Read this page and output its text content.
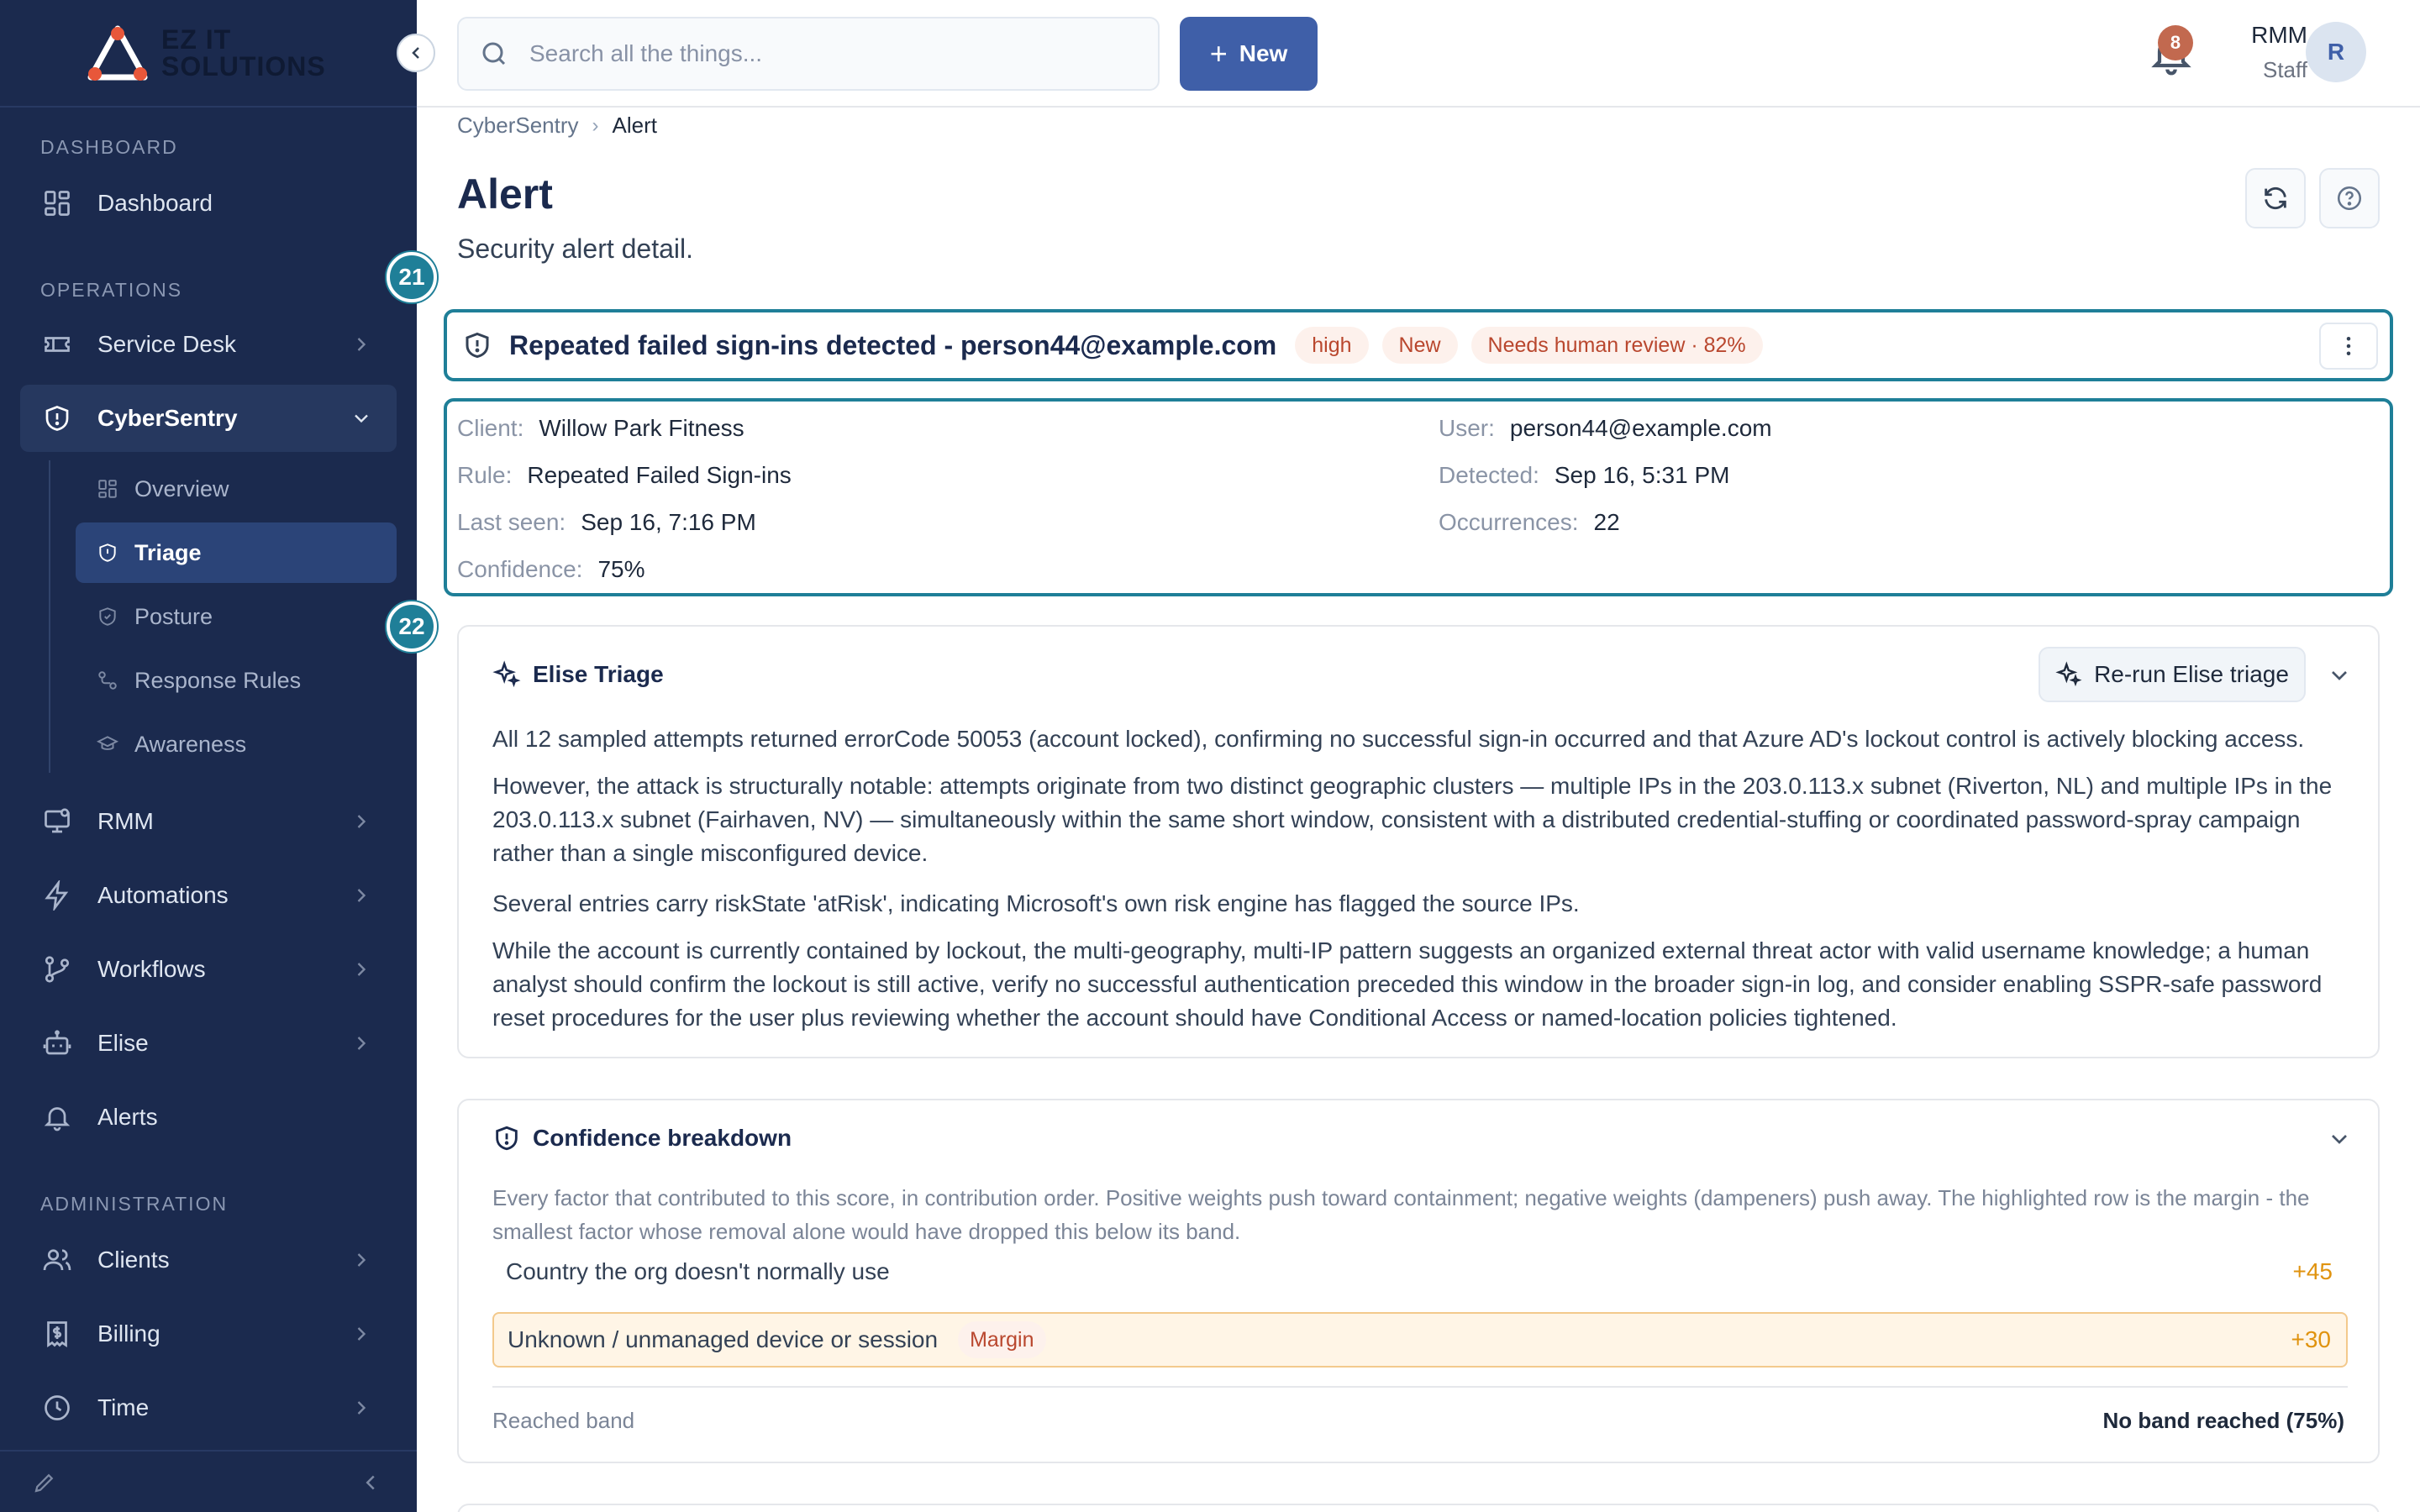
EZ IT
SOLUTIONS
DASHBOARD
Dashboard
OPERATIONS
Service Desk
CyberSentry
Overview
Triage
Posture
Response Rules
Awareness
RMM
Automations
Workflows
Elise
Alerts
ADMINISTRATION
Clients
Billing
Time
Search all the things...	+ New	8	RMM
Staff
R
CyberSentry › Alert
Alert
Security alert detail.
21
22
Repeated failed sign-ins detected - person44@example.com	high	New	Needs human review · 82%
Client: Willow Park Fitness	User: person44@example.com
Rule: Repeated Failed Sign-ins	Detected: Sep 16, 5:31 PM
Last seen: Sep 16, 7:16 PM	Occurrences: 22
Confidence: 75%
Elise Triage	Re-run Elise triage

All 12 sampled attempts returned errorCode 50053 (account locked), confirming no successful sign-in occurred and that Azure AD's lockout control is actively blocking access.

However, the attack is structurally notable: attempts originate from two distinct geographic clusters — multiple IPs in the 203.0.113.x subnet (Riverton, NL) and multiple IPs in the 203.0.113.x subnet (Fairhaven, NV) — simultaneously within the same short window, consistent with a distributed credential-stuffing or coordinated password-spray campaign rather than a single misconfigured device.

Several entries carry riskState 'atRisk', indicating Microsoft's own risk engine has flagged the source IPs.

While the account is currently contained by lockout, the multi-geography, multi-IP pattern suggests an organized external threat actor with valid username knowledge; a human analyst should confirm the lockout is still active, verify no successful authentication preceded this window in the broader sign-in log, and consider enabling SSPR-safe password reset procedures for the user plus reviewing whether the account should have Conditional Access or named-location policies tightened.

Confidence breakdown

Every factor that contributed to this score, in contribution order. Positive weights push toward containment; negative weights (dampeners) push away. The highlighted row is the margin - the smallest factor whose removal alone would have dropped this below its band.

Country the org doesn't normally use	+45
Unknown / unmanaged device or session	Margin	+30
Reached band	No band reached (75%)
